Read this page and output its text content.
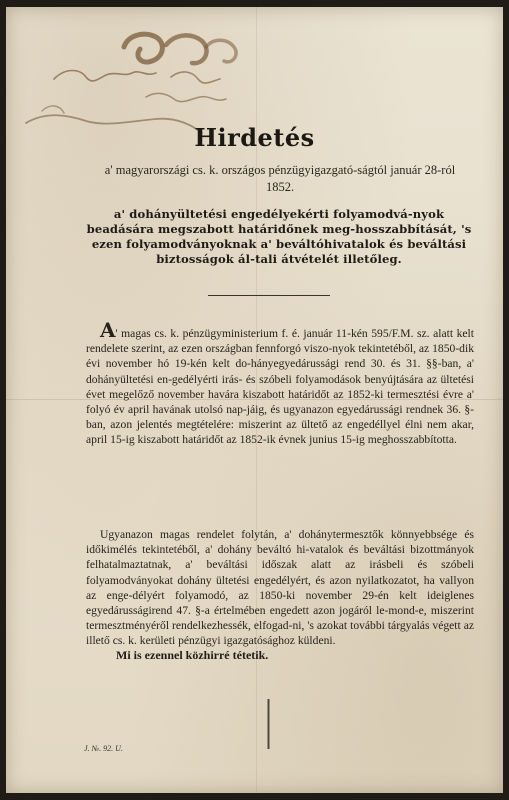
Hirdetés

a' magyarországi cs. k. országos pénzügyigazgató-ságtól január 28-ról 1852.

a' dohányültetési engedélyekérti folyamodvá-nyok beadására megszabott határidőnek meg-hosszabbítását, 's ezen folyamodványoknak a' beváltóhivatalok és beváltási biztosságok ál-tali átvételét illetőleg.

A' magas cs. k. pénzügyministerium f. é. január 11-kén 595/F.M. sz. alatt kelt rendelete szerint, az ezen országban fennforgó viszo-nyok tekintetéből, az 1850-dik évi november hó 19-kén kelt do-hányegyedárussági rend 30. és 31. §§-ban, a' dohányültetési en-gedélyérti irás- és szóbeli folyamodások benyújtására az ültetési évet megelőző november havára kiszabott határidőt az 1852-ki termesztési évre a' folyó év april havának utolsó nap-jáig, és ugyanazon egyedárussági rendnek 36. §-ban, azon jelentés megtételére: miszerint az ültető az engedéllyel élni nem akar, april 15-ig kiszabott határidőt az 1852-ik évnek junius 15-ig meghosszabbította.

Ugyanazon magas rendelet folytán, a' dohánytermesztők könnyebbsége és időkimélés tekintetéből, a' dohány beváltó hi-vatalok és beváltási bizottmányok felhatalmaztatnak, a' beváltási időszak alatt az irásbeli és szóbeli folyamodványokat dohány ültetési engedélyért, és azon nyilatkozatot, ha vallyon az enge-délyért folyamodó, az 1850-ki november 29-én kelt ideiglenes egyedárusságirend 47. §-a értelmében engedett azon jogáról le-mond-e, miszerint termesztményéről rendelkezhessék, elfogad-ni, 's azokat további tárgyalás végett az illető cs. k. kerületi pénzügyi igazgatósághoz küldeni.

Mi is ezennel közhirré tétetik.

J. №. 92. U.
